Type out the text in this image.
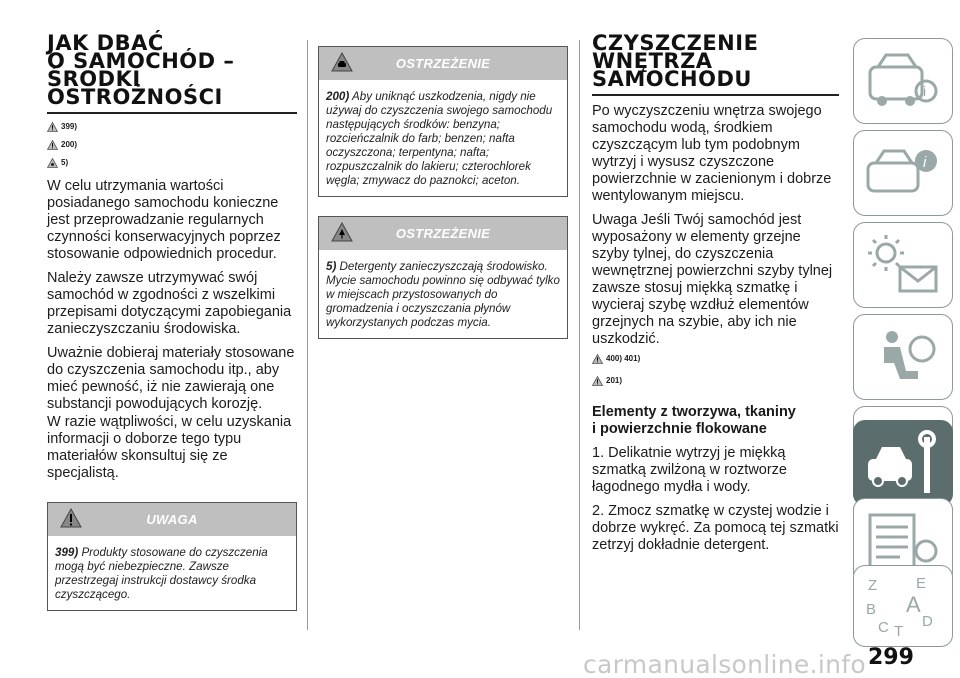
JAK DBAĆ
O SAMOCHÓD –
ŚRODKI
OSTROŻNOŚCI
399)
200)
5)

W celu utrzymania wartości posiadanego samochodu konieczne jest przeprowadzanie regularnych czynności konserwacyjnych poprzez stosowanie odpowiednich procedur.

Należy zawsze utrzymywać swój samochód w zgodności z wszelkimi przepisami dotyczącymi zapobiegania zanieczyszczaniu środowiska.

Uważnie dobieraj materiały stosowane do czyszczenia samochodu itp., aby mieć pewność, iż nie zawierają one substancji powodujących korozję.

W razie wątpliwości, w celu uzyskania informacji o doborze tego typu materiałów skonsultuj się ze specjalistą.

UWAGA
399) Produkty stosowane do czyszczenia mogą być niebezpieczne. Zawsze przestrzegaj instrukcji dostawcy środka czyszczącego.
OSTRZEŻENIE
200) Aby uniknąć uszkodzenia, nigdy nie używaj do czyszczenia swojego samochodu następujących środków: benzyna; rozcieńczalnik do farb; benzen; nafta oczyszczona; terpentyna; nafta; rozpuszczalnik do lakieru; czterochlorek węgla; zmywacz do paznokci; aceton.
OSTRZEŻENIE
5) Detergenty zanieczyszczają środowisko. Mycie samochodu powinno się odbywać tylko w miejscach przystosowanych do gromadzenia i oczyszczania płynów wykorzystanych podczas mycia.
CZYSZCZENIE
WNĘTRZA
SAMOCHODU

Po wyczyszczeniu wnętrza swojego samochodu wodą, środkiem czyszczącym lub tym podobnym wytrzyj i wysusz czyszczone powierzchnie w zacienionym i dobrze wentylowanym miejscu.

Uwaga Jeśli Twój samochód jest wyposażony w elementy grzejne szyby tylnej, do czyszczenia wewnętrznej powierzchni szyby tylnej zawsze stosuj miękką szmatkę i wycieraj szybę wzdłuż elementów grzejnych na szybie, aby ich nie uszkodzić.

400) 401)
201)
Elementy z tworzywa, tkaniny
i powierzchnie flokowane

1. Delikatnie wytrzyj je miękką szmatką zwilżoną w roztworze łagodnego mydła i wody.

2. Zmocz szmatkę w czystej wodzie i dobrze wykręć. Za pomocą tej szmatki zetrzyj dokładnie detergent.

i
i
Z	E
B A
C T
D
carmanualsonline.info 299
